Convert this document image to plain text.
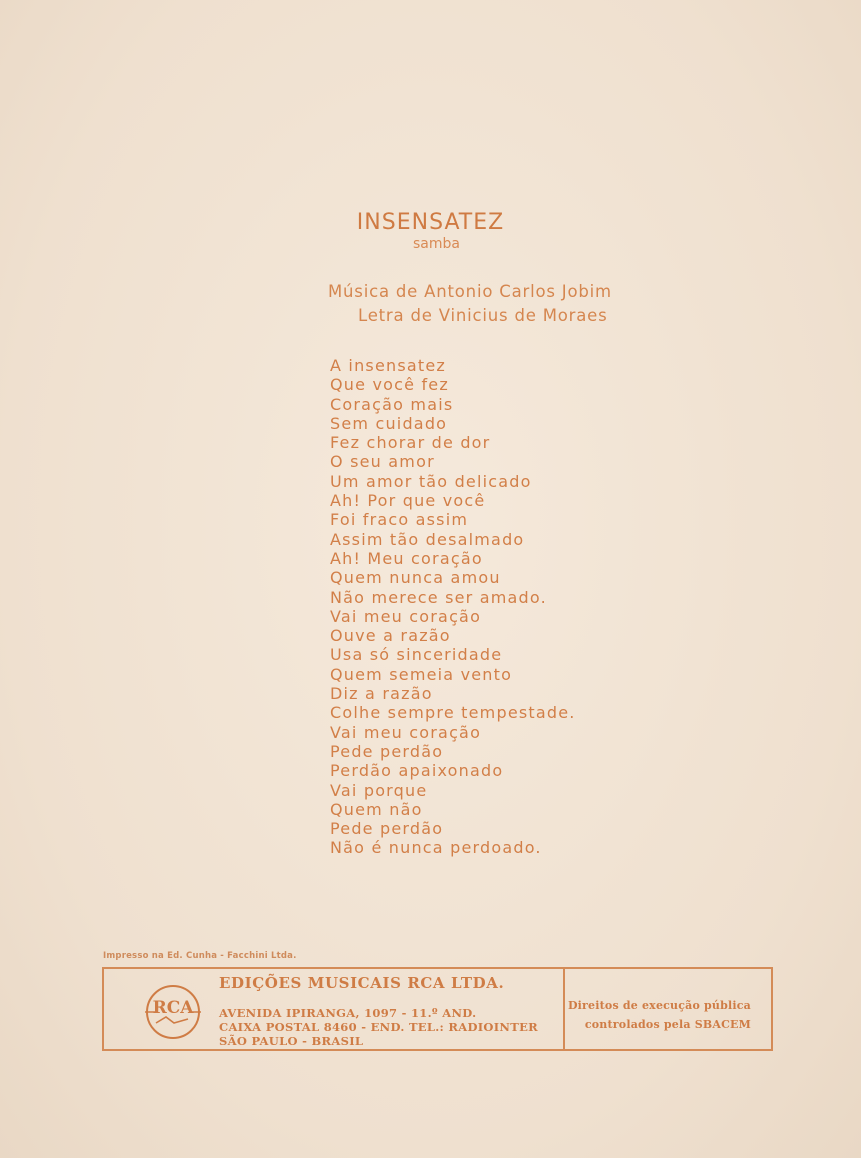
INSENSATEZ
samba
Música de Antonio Carlos Jobim
Letra de Vinicius de Moraes
A insensatez
Que você fez
Coração mais
Sem cuidado
Fez chorar de dor
O seu amor
Um amor tão delicado
Ah! Por que você
Foi fraco assim
Assim tão desalmado
Ah! Meu coração
Quem nunca amou
Não merece ser amado.
Vai meu coração
Ouve a razão
Usa só sinceridade
Quem semeia vento
Diz a razão
Colhe sempre tempestade.
Vai meu coração
Pede perdão
Perdão apaixonado
Vai porque
Quem não
Pede perdão
Não é nunca perdoado.
Impresso na Ed. Cunha - Facchini Ltda.
RCA
EDIÇÕES MUSICAIS RCA LTDA.
AVENIDA IPIRANGA, 1097 - 11.º AND.
CAIXA POSTAL 8460 - END. TEL.: RADIOINTER
SÃO PAULO - BRASIL
Direitos de execução pública
controlados pela SBACEM
